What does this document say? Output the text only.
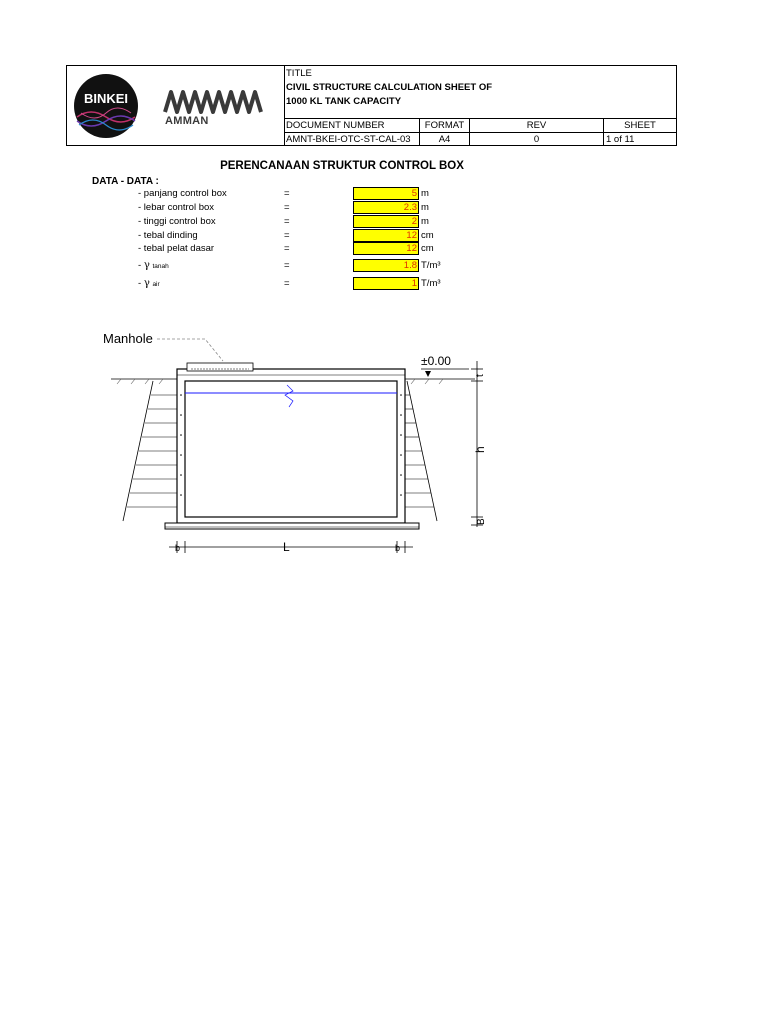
BINKEI
AMMAN
TITLE
CIVIL STRUCTURE CALCULATION SHEET OF
1000 KL TANK CAPACITY
DOCUMENT NUMBER	FORMAT	REV	SHEET
AMNT-BKEI-OTC-ST-CAL-03	A4	0	1 of 11
PERENCANAAN STRUKTUR CONTROL BOX
DATA - DATA :
- panjang control box	=	5 m
- lebar control box	=	2.3 m
- tinggi control box	=	2 m
- tebal dinding	=	12 cm
- tebal pelat dasar	=	12 cm
- γ tanah	=	1.8 T/m³
- γ air	=	1 T/m³
Manhole
±0.00
t
h
B
b	L	b
